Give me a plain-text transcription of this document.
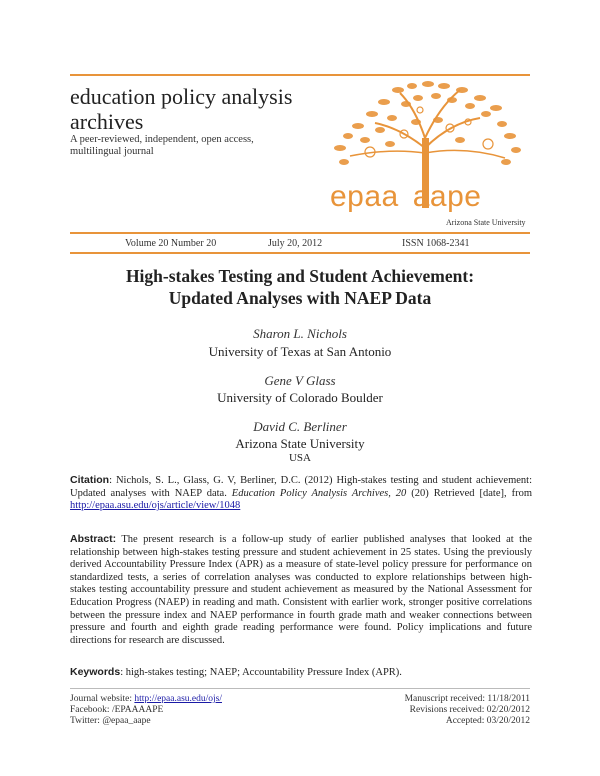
education policy analysis archives
A peer-reviewed, independent, open access, multilingual journal
epaa aape
Arizona State University
Volume 20 Number 20	July 20, 2012	ISSN 1068-2341
High-stakes Testing and Student Achievement:
Updated Analyses with NAEP Data
Sharon L. Nichols
University of Texas at San Antonio
Gene V Glass
University of Colorado Boulder
David C. Berliner
Arizona State University
USA
Citation: Nichols, S. L., Glass, G. V, Berliner, D.C. (2012) High-stakes testing and student achievement: Updated analyses with NAEP data. Education Policy Analysis Archives, 20 (20) Retrieved [date], from http://epaa.asu.edu/ojs/article/view/1048
Abstract: The present research is a follow-up study of earlier published analyses that looked at the relationship between high-stakes testing pressure and student achievement in 25 states. Using the previously derived Accountability Pressure Index (APR) as a measure of state-level policy pressure for performance on standardized tests, a series of correlation analyses was conducted to explore relationships between high-stakes testing accountability pressure and student achievement as measured by the National Assessment for Education Progress (NAEP) in reading and math. Consistent with earlier work, stronger positive correlations between the pressure index and NAEP performance in fourth grade math and weaker connections between pressure and fourth and eighth grade reading performance were found. Policy implications and future directions for research are discussed.
Keywords: high-stakes testing; NAEP; Accountability Pressure Index (APR).
Journal website: http://epaa.asu.edu/ojs/
Facebook: /EPAAAAPE
Twitter: @epaa_aape
Manuscript received: 11/18/2011
Revisions received: 02/20/2012
Accepted: 03/20/2012
